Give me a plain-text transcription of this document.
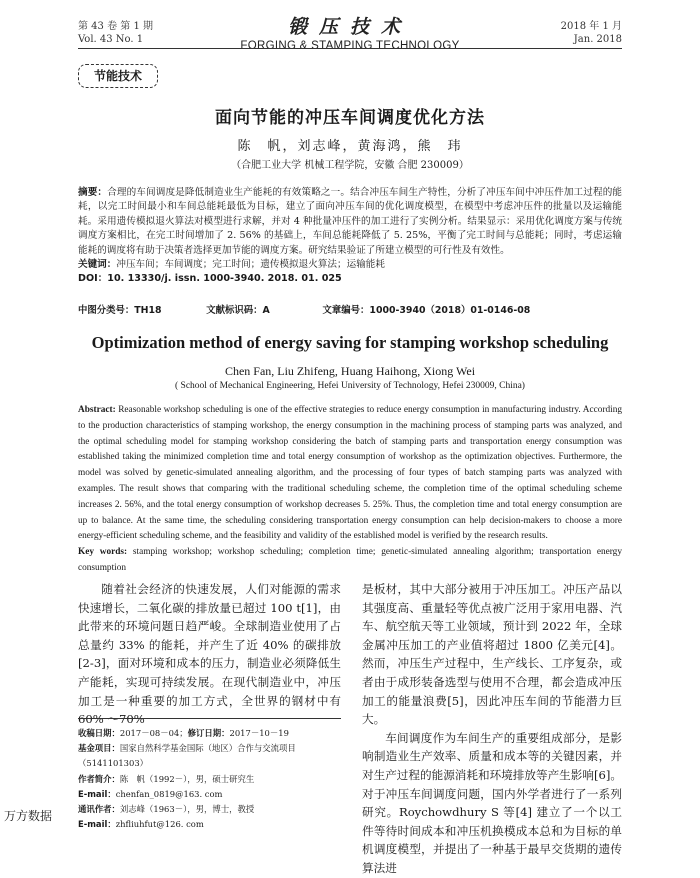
第 43 卷 第 1 期
Vol. 43 No. 1
锻压技术
FORGING & STAMPING TECHNOLOGY
2018 年 1 月
Jan. 2018
节能技术
面向节能的冲压车间调度优化方法
陈　帆，刘志峰，黄海鸿，熊　玮
（合肥工业大学 机械工程学院，安徽 合肥 230009）
摘要：合理的车间调度是降低制造业生产能耗的有效策略之一。结合冲压车间生产特性，分析了冲压车间中冲压件加工过程的能耗，以完工时间最小和车间总能耗最低为目标，建立了面向冲压车间的优化调度模型，在模型中考虑冲压件的批量以及运输能耗。采用遗传模拟退火算法对模型进行求解，并对 4 种批量冲压件的加工进行了实例分析。结果显示：采用优化调度方案与传统调度方案相比，在完工时间增加了 2. 56% 的基础上，车间总能耗降低了 5. 25%，平衡了完工时间与总能耗；同时，考虑运输能耗的调度将有助于决策者选择更加节能的调度方案。研究结果验证了所建立模型的可行性及有效性。
关键词：冲压车间；车间调度；完工时间；遗传模拟退火算法；运输能耗
DOI：10. 13330/j. issn. 1000-3940. 2018. 01. 025
中图分类号：TH18	文献标识码：A	文章编号：1000-3940（2018）01-0146-08
Optimization method of energy saving for stamping workshop scheduling
Chen Fan, Liu Zhifeng, Huang Haihong, Xiong Wei
( School of Mechanical Engineering, Hefei University of Technology, Hefei 230009, China)
Abstract: Reasonable workshop scheduling is one of the effective strategies to reduce energy consumption in manufacturing industry. According to the production characteristics of stamping workshop, the energy consumption in the machining process of stamping parts was analyzed, and the optimal scheduling model for stamping workshop considering the batch of stamping parts and transportation energy consumption was established taking the minimized completion time and total energy consumption of workshop as the optimization objectives. Furthermore, the model was solved by genetic-simulated annealing algorithm, and the processing of four types of batch stamping parts was analyzed with examples. The result shows that comparing with the traditional scheduling scheme, the completion time of the optimal scheduling scheme increases 2. 56%, and the total energy consumption of workshop decreases 5. 25%. Thus, the completion time and total energy consumption are up to balance. At the same time, the scheduling considering transportation energy consumption can help decision-makers to choose a more energy-efficient scheduling scheme, and the feasibility and validity of the established model is verified by the research results.
Key words: stamping workshop; workshop scheduling; completion time; genetic-simulated annealing algorithm; transportation energy consumption

随着社会经济的快速发展，人们对能源的需求快速增长，二氧化碳的排放量已超过 100 t[1]，由此带来的环境问题日趋严峻。全球制造业使用了占总量约 33% 的能耗，并产生了近 40% 的碳排放[2-3]，面对环境和成本的压力，制造业必须降低生产能耗，实现可持续发展。在现代制造业中，冲压加工是一种重要的加工方式，全世界的钢材中有 60% ～70%

是板材，其中大部分被用于冲压加工。冲压产品以其强度高、重量轻等优点被广泛用于家用电器、汽车、航空航天等工业领域，预计到 2022 年，全球金属冲压加工的产业值将超过 1800 亿美元[4]。然而，冲压生产过程中，生产线长、工序复杂，或者由于成形装备选型与使用不合理，都会造成冲压加工的能量浪费[5]，因此冲压车间的节能潜力巨大。

车间调度作为车间生产的重要组成部分，是影响制造业生产效率、质量和成本等的关键因素，并对生产过程的能源消耗和环境排放等产生影响[6]。对于冲压车间调度问题，国内外学者进行了一系列研究。Roychowdhury S 等[4] 建立了一个以工件等待时间成本和冲压机换模成本总和为目标的单机调度模型，并提出了一种基于最早交货期的遗传算法进

收稿日期：2017－08－04；修订日期：2017－10－19
基金项目：国家自然科学基金国际（地区）合作与交流项目（5141101303）
作者简介：陈　帆（1992－），男，硕士研究生
E-mail：chenfan_0819@163. com
通讯作者：刘志峰（1963－），男，博士，教授
E-mail：zhfliuhfut@126. com
万方数据
